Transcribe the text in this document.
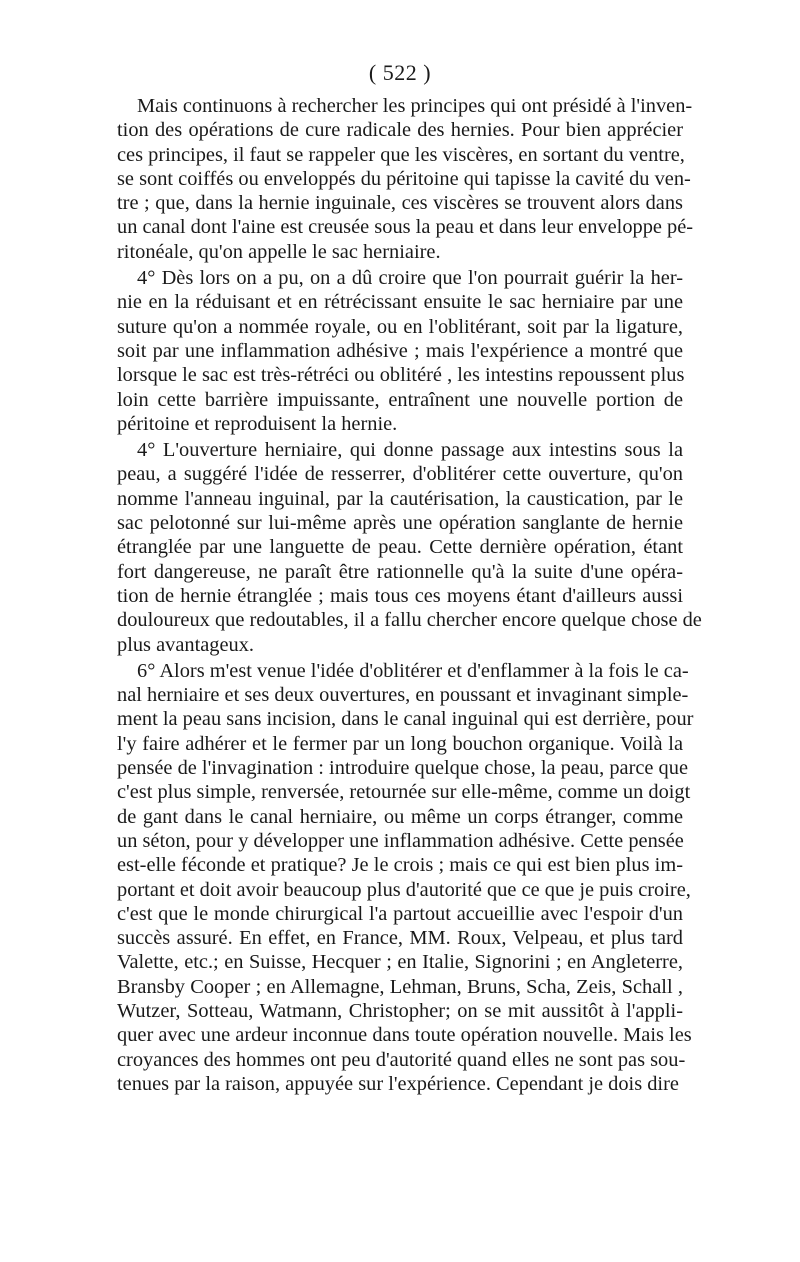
( 522 )
Mais continuons à rechercher les principes qui ont présidé à l'inven-
tion des opérations de cure radicale des hernies. Pour bien apprécier
ces principes, il faut se rappeler que les viscères, en sortant du ventre,
se sont coiffés ou enveloppés du péritoine qui tapisse la cavité du ven-
tre ; que, dans la hernie inguinale, ces viscères se trouvent alors dans
un canal dont l'aine est creusée sous la peau et dans leur enveloppe pé-
ritonéale, qu'on appelle le sac herniaire.
4° Dès lors on a pu, on a dû croire que l'on pourrait guérir la her-
nie en la réduisant et en rétrécissant ensuite le sac herniaire par une
suture qu'on a nommée royale, ou en l'oblitérant, soit par la ligature,
soit par une inflammation adhésive ; mais l'expérience a montré que
lorsque le sac est très-rétréci ou oblitéré , les intestins repoussent plus
loin cette barrière impuissante, entraînent une nouvelle portion de
péritoine et reproduisent la hernie.
4° L'ouverture herniaire, qui donne passage aux intestins sous la
peau, a suggéré l'idée de resserrer, d'oblitérer cette ouverture, qu'on
nomme l'anneau inguinal, par la cautérisation, la caustication, par le
sac pelotonné sur lui-même après une opération sanglante de hernie
étranglée par une languette de peau. Cette dernière opération, étant
fort dangereuse, ne paraît être rationnelle qu'à la suite d'une opéra-
tion de hernie étranglée ; mais tous ces moyens étant d'ailleurs aussi
douloureux que redoutables, il a fallu chercher encore quelque chose de
plus avantageux.
6° Alors m'est venue l'idée d'oblitérer et d'enflammer à la fois le ca-
nal herniaire et ses deux ouvertures, en poussant et invaginant simple-
ment la peau sans incision, dans le canal inguinal qui est derrière, pour
l'y faire adhérer et le fermer par un long bouchon organique. Voilà la
pensée de l'invagination : introduire quelque chose, la peau, parce que
c'est plus simple, renversée, retournée sur elle-même, comme un doigt
de gant dans le canal herniaire, ou même un corps étranger, comme
un séton, pour y développer une inflammation adhésive. Cette pensée
est-elle féconde et pratique? Je le crois ; mais ce qui est bien plus im-
portant et doit avoir beaucoup plus d'autorité que ce que je puis croire,
c'est que le monde chirurgical l'a partout accueillie avec l'espoir d'un
succès assuré. En effet, en France, MM. Roux, Velpeau, et plus tard
Valette, etc.; en Suisse, Hecquer ; en Italie, Signorini ; en Angleterre,
Bransby Cooper ; en Allemagne, Lehman, Bruns, Scha, Zeis, Schall ,
Wutzer, Sotteau, Watmann, Christopher; on se mit aussitôt à l'appli-
quer avec une ardeur inconnue dans toute opération nouvelle. Mais les
croyances des hommes ont peu d'autorité quand elles ne sont pas sou-
tenues par la raison, appuyée sur l'expérience. Cependant je dois dire
